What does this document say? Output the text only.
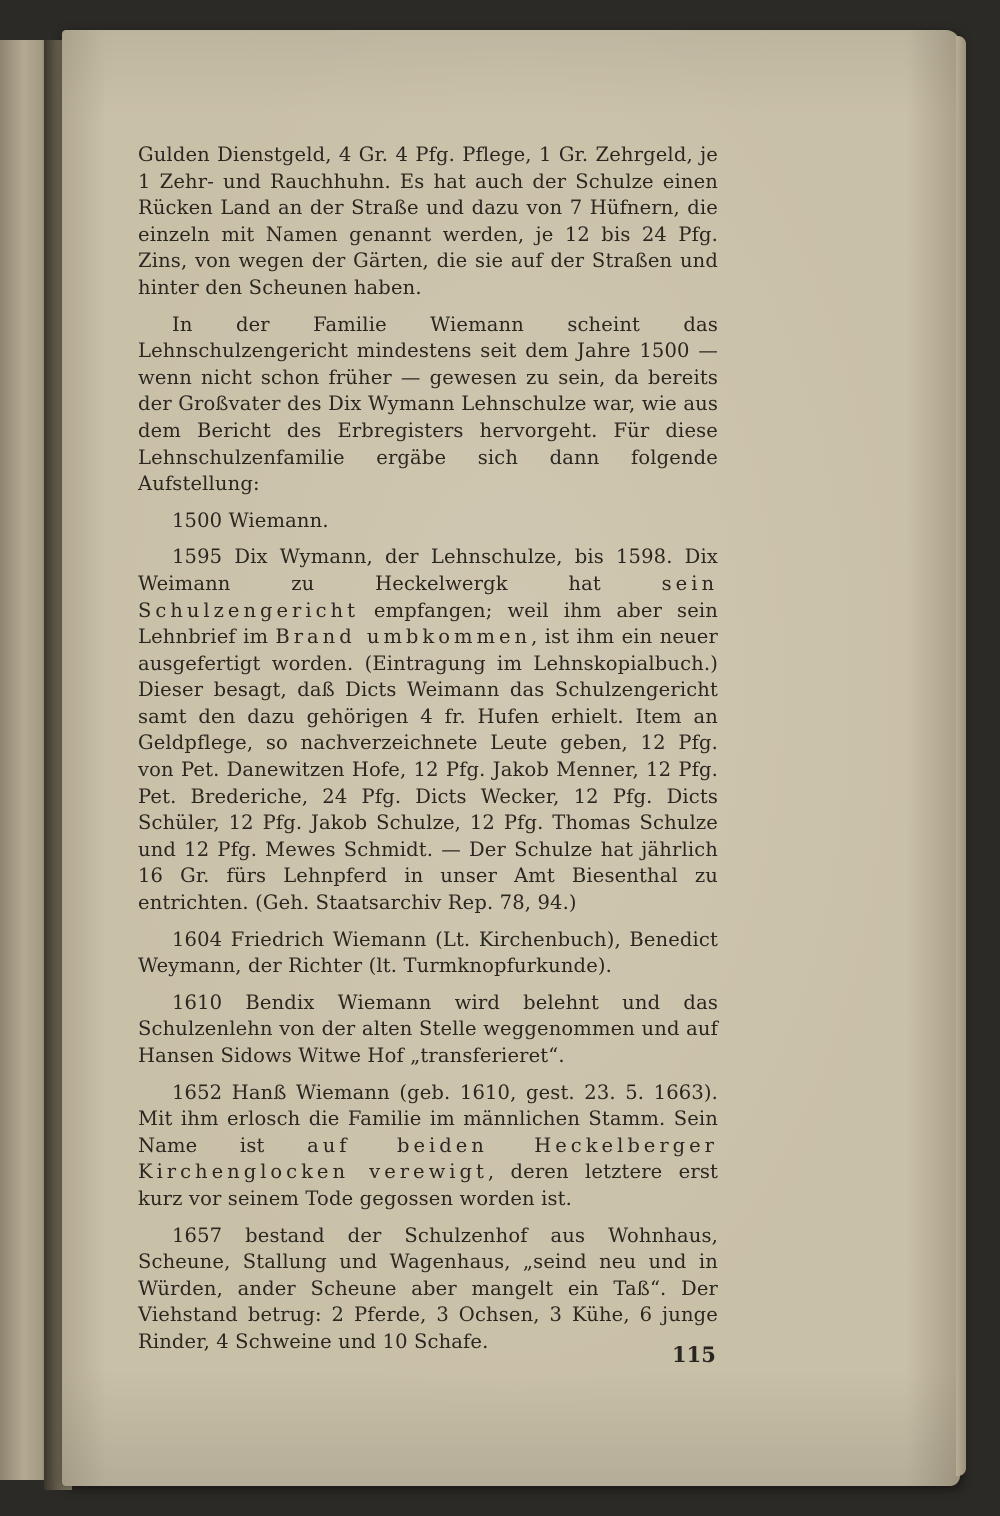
Gulden Dienstgeld, 4 Gr. 4 Pfg. Pflege, 1 Gr. Zehrgeld, je 1 Zehr- und Rauchhuhn. Es hat auch der Schulze einen Rücken Land an der Straße und dazu von 7 Hüfnern, die einzeln mit Namen genannt werden, je 12 bis 24 Pfg. Zins, von wegen der Gärten, die sie auf der Straßen und hinter den Scheunen haben.

In der Familie Wiemann scheint das Lehnschulzengericht mindestens seit dem Jahre 1500 — wenn nicht schon früher — gewesen zu sein, da bereits der Großvater des Dix Wymann Lehnschulze war, wie aus dem Bericht des Erbregisters hervorgeht. Für diese Lehnschulzenfamilie ergäbe sich dann folgende Aufstellung:

1500 Wiemann.

1595 Dix Wymann, der Lehnschulze, bis 1598. Dix Weimann zu Heckelwergk hat	sein Schulzengericht empfangen; weil ihm aber sein Lehnbrief im Brand umbkommen, ist ihm ein neuer ausgefertigt worden. (Eintragung im Lehnskopialbuch.) Dieser besagt, daß Dicts Weimann das Schulzengericht samt den dazu gehörigen 4 fr. Hufen erhielt. Item an Geldpflege, so nachverzeichnete Leute geben, 12 Pfg. von Pet. Danewitzen Hofe, 12 Pfg. Jakob Menner, 12 Pfg. Pet. Brederiche, 24 Pfg. Dicts Wecker, 12 Pfg. Dicts Schüler, 12 Pfg. Jakob Schulze, 12 Pfg. Thomas Schulze und 12 Pfg. Mewes Schmidt. — Der Schulze hat jährlich 16 Gr. fürs Lehnpferd in unser Amt Biesenthal zu entrichten. (Geh. Staatsarchiv Rep. 78, 94.)

1604 Friedrich Wiemann (Lt. Kirchenbuch), Benedict Weymann, der Richter (lt. Turmknopfurkunde).

1610 Bendix Wiemann wird belehnt und das Schulzenlehn von der alten Stelle weggenommen und auf Hansen Sidows Witwe Hof „transferieret“.

1652 Hanß Wiemann (geb. 1610, gest. 23. 5. 1663). Mit ihm erlosch die Familie im männlichen Stamm. Sein Name ist auf beiden Heckelberger Kirchenglocken verewigt, deren letztere erst kurz vor seinem Tode gegossen worden ist.

1657 bestand der Schulzenhof aus Wohnhaus, Scheune, Stallung und Wagenhaus, „seind neu und in Würden, ander Scheune aber mangelt ein Taß“. Der Viehstand betrug: 2 Pferde, 3 Ochsen, 3 Kühe, 6 junge Rinder, 4 Schweine und 10 Schafe.

115
